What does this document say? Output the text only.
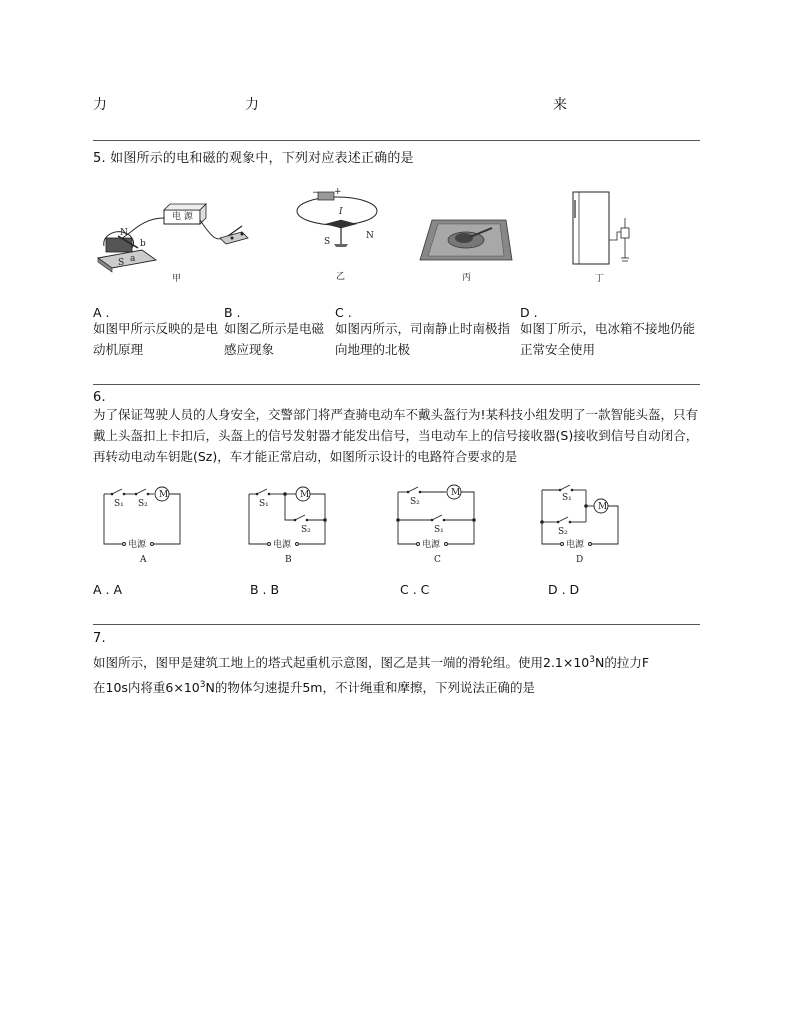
力	力	来
5. 如图所示的电和磁的观象中，下列对应表述正确的是
电 源
N
S
b
a
甲
− +
I
S
N
乙	丙	丁
A .
如图甲所示反映的是电动机原理
B .
如图乙所示是电磁感应现象
C .
如图丙所示，司南静止时南极指向地理的北极
D .
如图丁所示，电冰箱不接地仍能正常安全使用
6.
为了保证驾驶人员的人身安全，交警部门将严查骑电动车不戴头盔行为!某科技小组发明了一款智能头盔，只有戴上头盔扣上卡扣后，头盔上的信号发射器才能发出信号，当电动车上的信号接收器(S)接收到信号自动闭合，再转动电动车钥匙(Sz)，车才能正常启动，如图所示设计的电路符合要求的是
M
S₁ S₂
电源
A
M
S₁
S₂
电源
B
M
S₂
S₁
电源
C
M
S₁
S₂
电源
D
A . A	B . B	C . C	D . D
7.
如图所示，图甲是建筑工地上的塔式起重机示意图，图乙是其一端的滑轮组。使用$2.1\times 10^3N$的拉力F
在10s内将重$6\times 10^3N$的物体匀速提升5m，不计绳重和摩擦，下列说法正确的是
